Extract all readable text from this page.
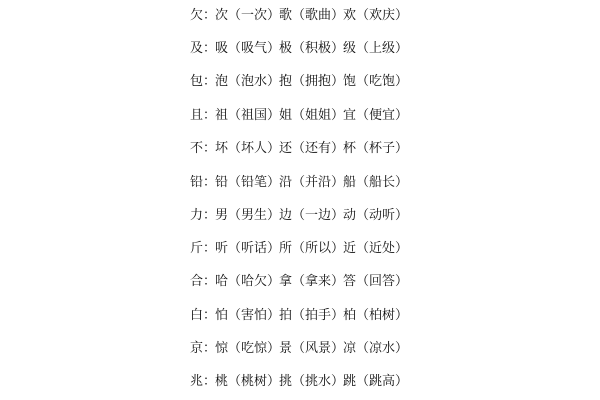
欠 ：
次（一次）
歌（歌曲）
欢（欢庆）
及 ：
吸（吸气）
极（积极）
级（上级）
包 ：
泡（泡水）
抱（拥抱）
饱（吃饱）
且 ：
祖（祖国）
姐（姐姐）
宜（便宜）
不 ：
坏（坏人）
还（还有）
杯（杯子）
铅 ：
铅（铅笔）
沿（并沿）
船（船长）
力 ：
男（男生）
边（一边）
动（动听）
斤 ：
听（听话）
所（所以）
近（近处）
合 ：
哈（哈欠）
拿（拿来）
答（回答）
白 ：
怕（害怕）
拍（拍手）
柏（柏树）
京 ：
惊（吃惊）
景（风景）
凉（凉水）
兆 ：
桃（桃树）
挑（挑水）
跳（跳高）
